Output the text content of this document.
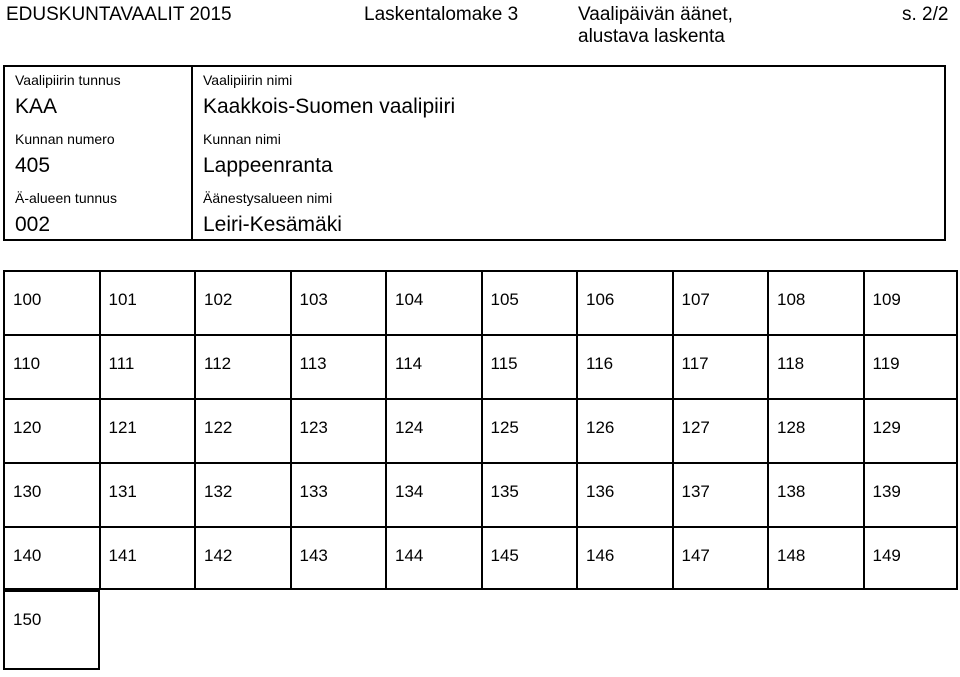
EDUSKUNTAVAALIT 2015	Laskentalomake 3	Vaalipäivän äänet, alustava laskenta
s. 2/2
Vaalipiirin tunnus
KAA
Vaalipiirin nimi
Kaakkois-Suomen vaalipiiri
Kunnan numero
405
Kunnan nimi
Lappeenranta
Ä-alueen tunnus
002
Äänestysalueen nimi
Leiri-Kesämäki
100	101	102	103	104	105	106	107	108	109
110	111	112	113	114	115	116	117	118	119
120	121	122	123	124	125	126	127	128	129
130	131	132	133	134	135	136	137	138	139
140	141	142	143	144	145	146	147	148	149
150
